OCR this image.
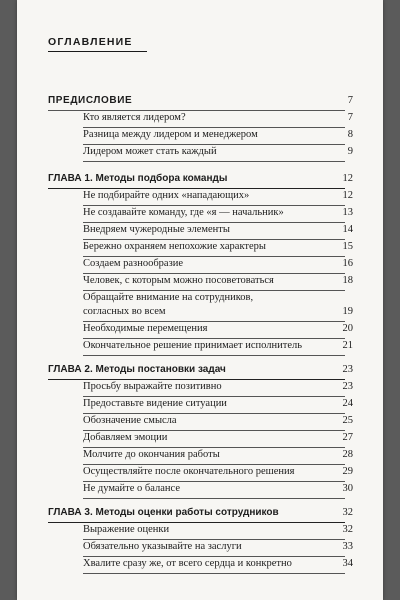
ОГЛАВЛЕНИЕ
ПРЕДИСЛОВИЕ	7
Кто является лидером?	7
Разница между лидером и менеджером	8
Лидером может стать каждый	9
ГЛАВА 1. Методы подбора команды	12
Не подбирайте одних «нападающих»	12
Не создавайте команду, где «я — начальник»	13
Внедряем чужеродные элементы	14
Бережно охраняем непохожие характеры	15
Создаем разнообразие	16
Человек, с которым можно посоветоваться	18
Обращайте внимание на сотрудников,
согласных во всем	19
Необходимые перемещения	20
Окончательное решение принимает исполнитель	21
ГЛАВА 2. Методы постановки задач	23
Просьбу выражайте позитивно	23
Предоставьте видение ситуации	24
Обозначение смысла	25
Добавляем эмоции	27
Молчите до окончания работы	28
Осуществляйте после окончательного решения	29
Не думайте о балансе	30
ГЛАВА 3. Методы оценки работы сотрудников	32
Выражение оценки	32
Обязательно указывайте на заслуги	33
Хвалите сразу же, от всего сердца и конкретно	34
